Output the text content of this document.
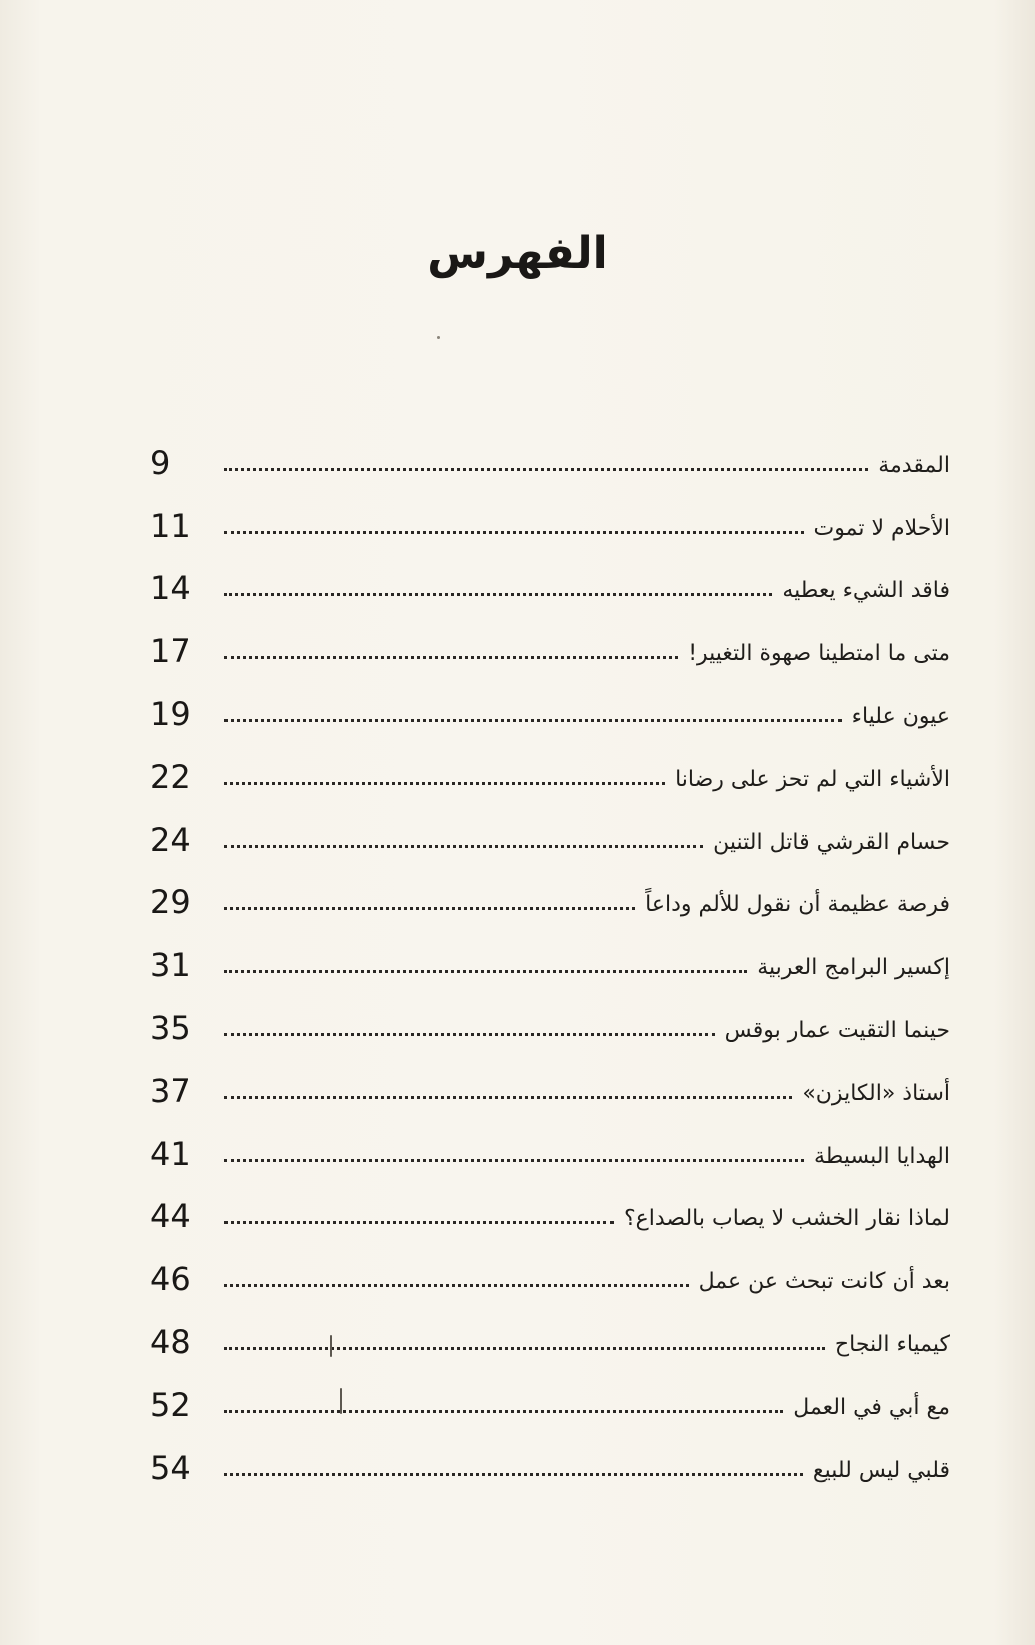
الفهرس
المقدمة
9
الأحلام لا تموت
11
فاقد الشيء يعطيه
14
متى ما امتطينا صهوة التغيير!
17
عيون علياء
19
الأشياء التي لم تحز على رضانا
22
حسام القرشي قاتل التنين
24
فرصة عظيمة أن نقول للألم وداعاً
29
إكسير البرامج العربية
31
حينما التقيت عمار بوقس
35
أستاذ «الكايزن»
37
الهدايا البسيطة
41
لماذا نقار الخشب لا يصاب بالصداع؟
44
بعد أن كانت تبحث عن عمل
46
كيمياء النجاح
48
مع أبي في العمل
52
قلبي ليس للبيع
54
